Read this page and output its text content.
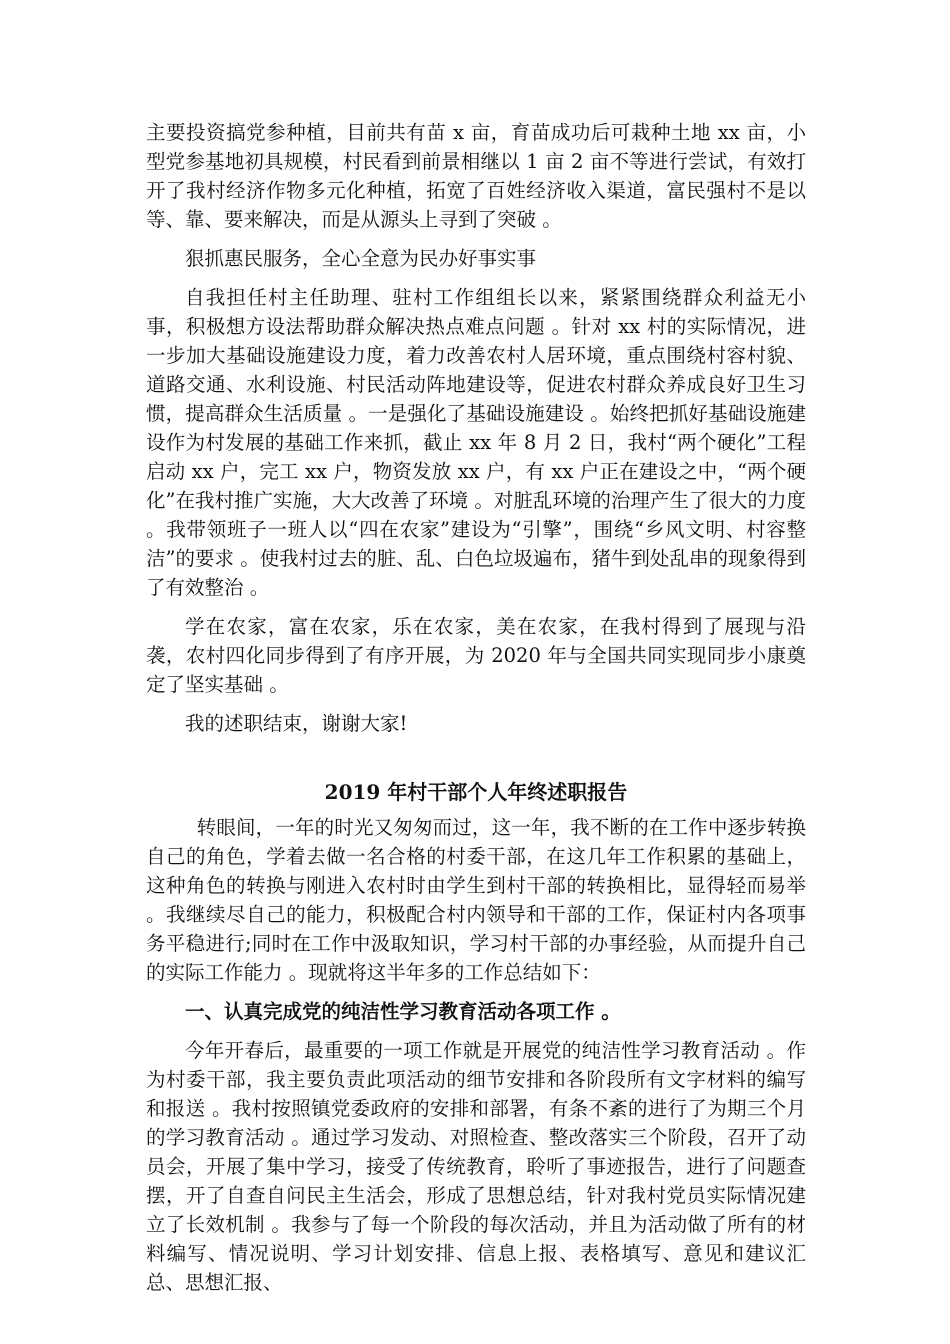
主要投资搞党参种植，目前共有苗 x 亩，育苗成功后可栽种土地 xx 亩，小型党参基地初具规模，村民看到前景相继以 1 亩 2 亩不等进行尝试，有效打开了我村经济作物多元化种植，拓宽了百姓经济收入渠道，富民强村不是以等、靠、要来解决，而是从源头上寻到了突破 。

狠抓惠民服务，全心全意为民办好事实事

自我担任村主任助理、驻村工作组组长以来，紧紧围绕群众利益无小事，积极想方设法帮助群众解决热点难点问题 。针对 xx 村的实际情况，进一步加大基础设施建设力度，着力改善农村人居环境，重点围绕村容村貌、道路交通、水利设施、村民活动阵地建设等，促进农村群众养成良好卫生习惯，提高群众生活质量 。一是强化了基础设施建设 。始终把抓好基础设施建设作为村发展的基础工作来抓，截止 xx 年 8 月 2 日，我村“两个硬化”工程启动 xx 户，完工 xx 户，物资发放 xx 户，有 xx 户正在建设之中，“两个硬化”在我村推广实施，大大改善了环境 。对脏乱环境的治理产生了很大的力度 。我带领班子一班人以“四在农家”建设为“引擎”，围绕“乡风文明、村容整洁”的要求 。使我村过去的脏、乱、白色垃圾遍布，猪牛到处乱串的现象得到了有效整治 。

学在农家，富在农家，乐在农家，美在农家，在我村得到了展现与沿袭，农村四化同步得到了有序开展，为 2020 年与全国共同实现同步小康奠定了坚实基础 。

我的述职结束，谢谢大家!

2019 年村干部个人年终述职报告

转眼间，一年的时光又匆匆而过，这一年，我不断的在工作中逐步转换自己的角色，学着去做一名合格的村委干部，在这几年工作积累的基础上，这种角色的转换与刚进入农村时由学生到村干部的转换相比，显得轻而易举 。我继续尽自己的能力，积极配合村内领导和干部的工作，保证村内各项事务平稳进行;同时在工作中汲取知识，学习村干部的办事经验，从而提升自己的实际工作能力 。现就将这半年多的工作总结如下：

一、认真完成党的纯洁性学习教育活动各项工作 。

今年开春后，最重要的一项工作就是开展党的纯洁性学习教育活动 。作为村委干部，我主要负责此项活动的细节安排和各阶段所有文字材料的编写和报送 。我村按照镇党委政府的安排和部署，有条不紊的进行了为期三个月的学习教育活动 。通过学习发动、对照检查、整改落实三个阶段，召开了动员会，开展了集中学习，接受了传统教育，聆听了事迹报告，进行了问题查摆，开了自查自问民主生活会，形成了思想总结，针对我村党员实际情况建立了长效机制 。我参与了每一个阶段的每次活动，并且为活动做了所有的材料编写、情况说明、学习计划安排、信息上报、表格填写、意见和建议汇总、思想汇报、
